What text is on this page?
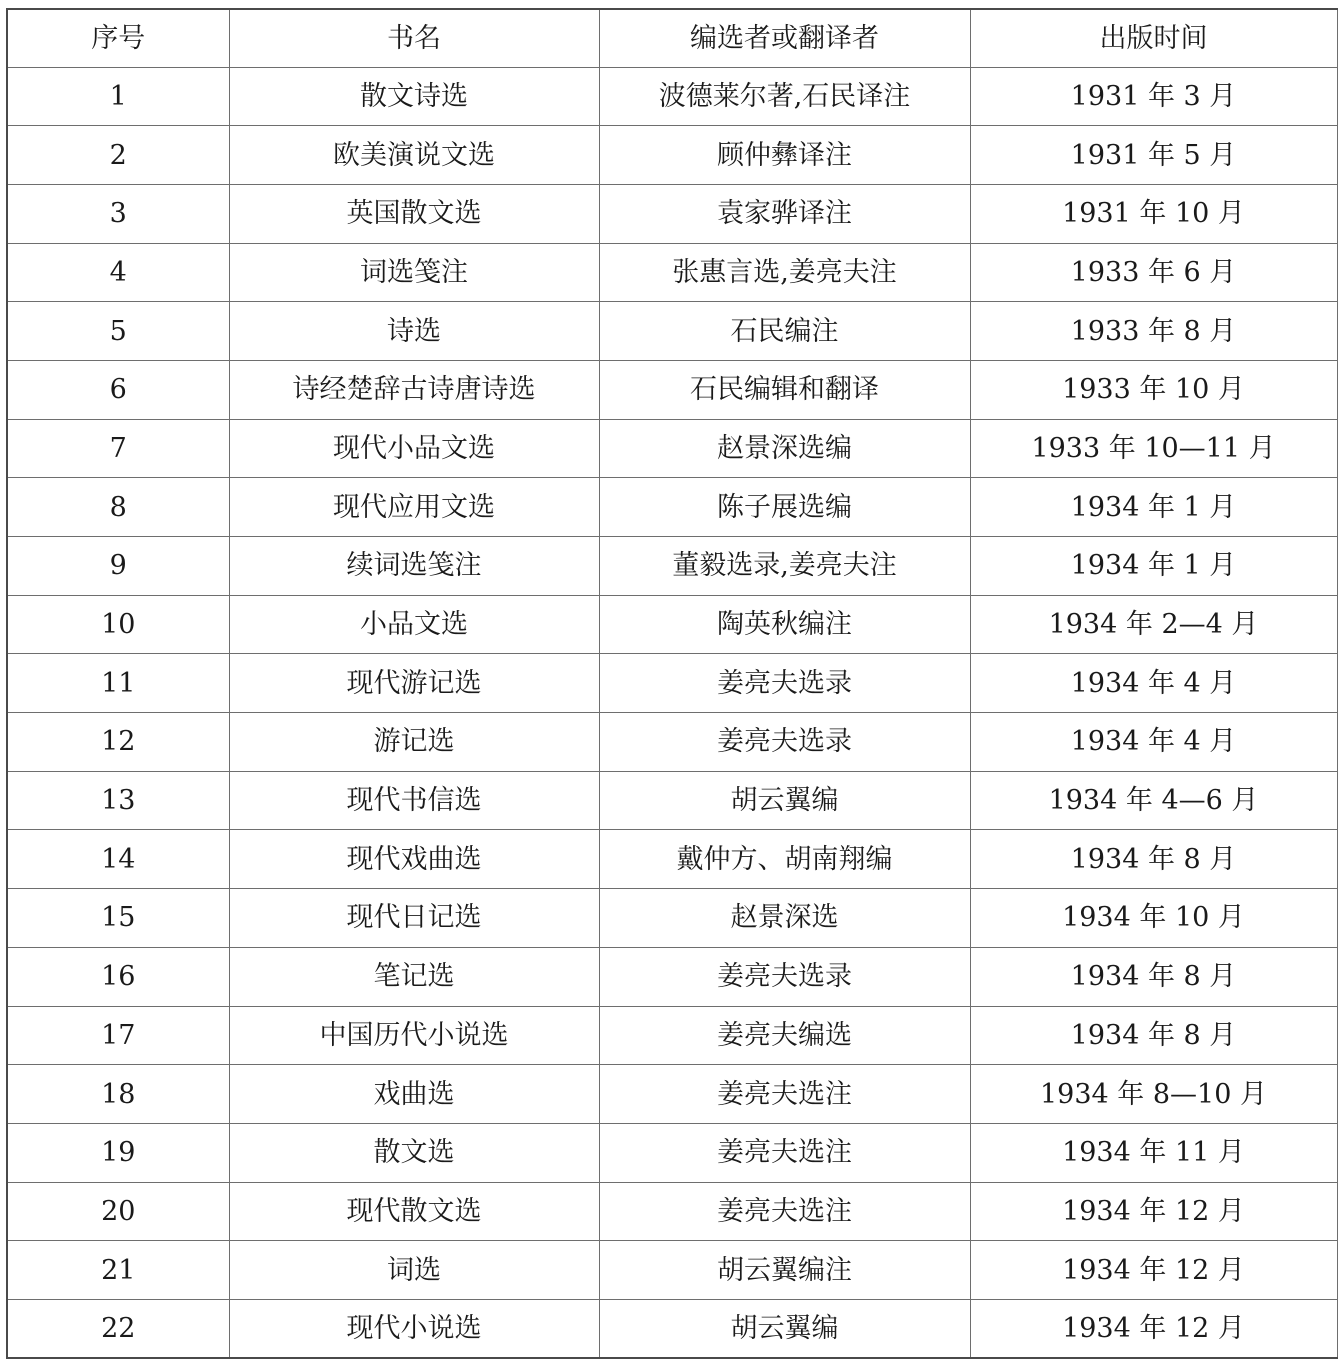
序号	书名	编选者或翻译者	出版时间
1	散文诗选	波德莱尔著,石民译注	1931 年 3 月
2	欧美演说文选	顾仲彝译注	1931 年 5 月
3	英国散文选	袁家骅译注	1931 年 10 月
4	词选笺注	张惠言选,姜亮夫注	1933 年 6 月
5	诗选	石民编注	1933 年 8 月
6	诗经楚辞古诗唐诗选	石民编辑和翻译	1933 年 10 月
7	现代小品文选	赵景深选编	1933 年 10—11 月
8	现代应用文选	陈子展选编	1934 年 1 月
9	续词选笺注	董毅选录,姜亮夫注	1934 年 1 月
10	小品文选	陶英秋编注	1934 年 2—4 月
11	现代游记选	姜亮夫选录	1934 年 4 月
12	游记选	姜亮夫选录	1934 年 4 月
13	现代书信选	胡云翼编	1934 年 4—6 月
14	现代戏曲选	戴仲方、胡南翔编	1934 年 8 月
15	现代日记选	赵景深选	1934 年 10 月
16	笔记选	姜亮夫选录	1934 年 8 月
17	中国历代小说选	姜亮夫编选	1934 年 8 月
18	戏曲选	姜亮夫选注	1934 年 8—10 月
19	散文选	姜亮夫选注	1934 年 11 月
20	现代散文选	姜亮夫选注	1934 年 12 月
21	词选	胡云翼编注	1934 年 12 月
22	现代小说选	胡云翼编	1934 年 12 月
